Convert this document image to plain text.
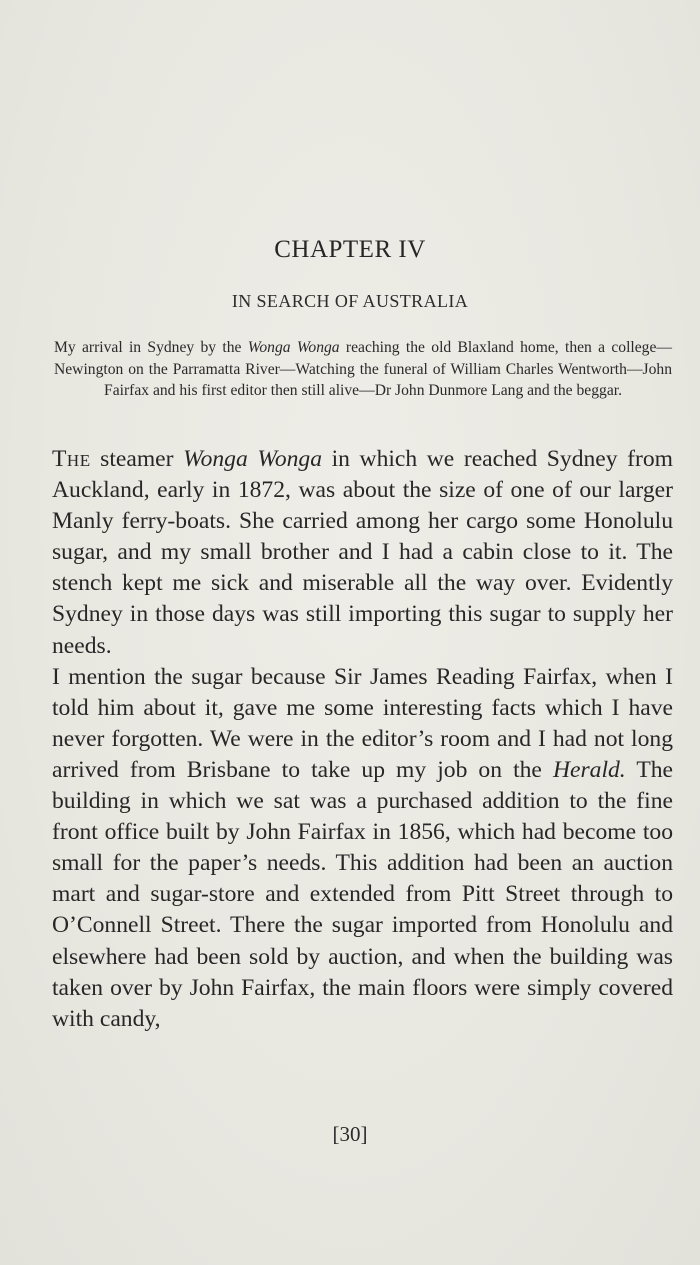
CHAPTER IV
IN SEARCH OF AUSTRALIA
My arrival in Sydney by the Wonga Wonga reaching the old Blaxland home, then a college—Newington on the Parramatta River—Watching the funeral of William Charles Wentworth—John Fairfax and his first editor then still alive—Dr John Dunmore Lang and the beggar.

The steamer Wonga Wonga in which we reached Sydney from Auckland, early in 1872, was about the size of one of our larger Manly ferry-boats. She carried among her cargo some Honolulu sugar, and my small brother and I had a cabin close to it. The stench kept me sick and miserable all the way over. Evidently Sydney in those days was still importing this sugar to supply her needs.

I mention the sugar because Sir James Reading Fairfax, when I told him about it, gave me some interesting facts which I have never forgotten. We were in the editor’s room and I had not long arrived from Brisbane to take up my job on the Herald. The building in which we sat was a purchased addition to the fine front office built by John Fairfax in 1856, which had become too small for the paper’s needs. This addition had been an auction mart and sugar-store and extended from Pitt Street through to O’Connell Street. There the sugar imported from Honolulu and elsewhere had been sold by auction, and when the building was taken over by John Fairfax, the main floors were simply covered with candy,

[30]
